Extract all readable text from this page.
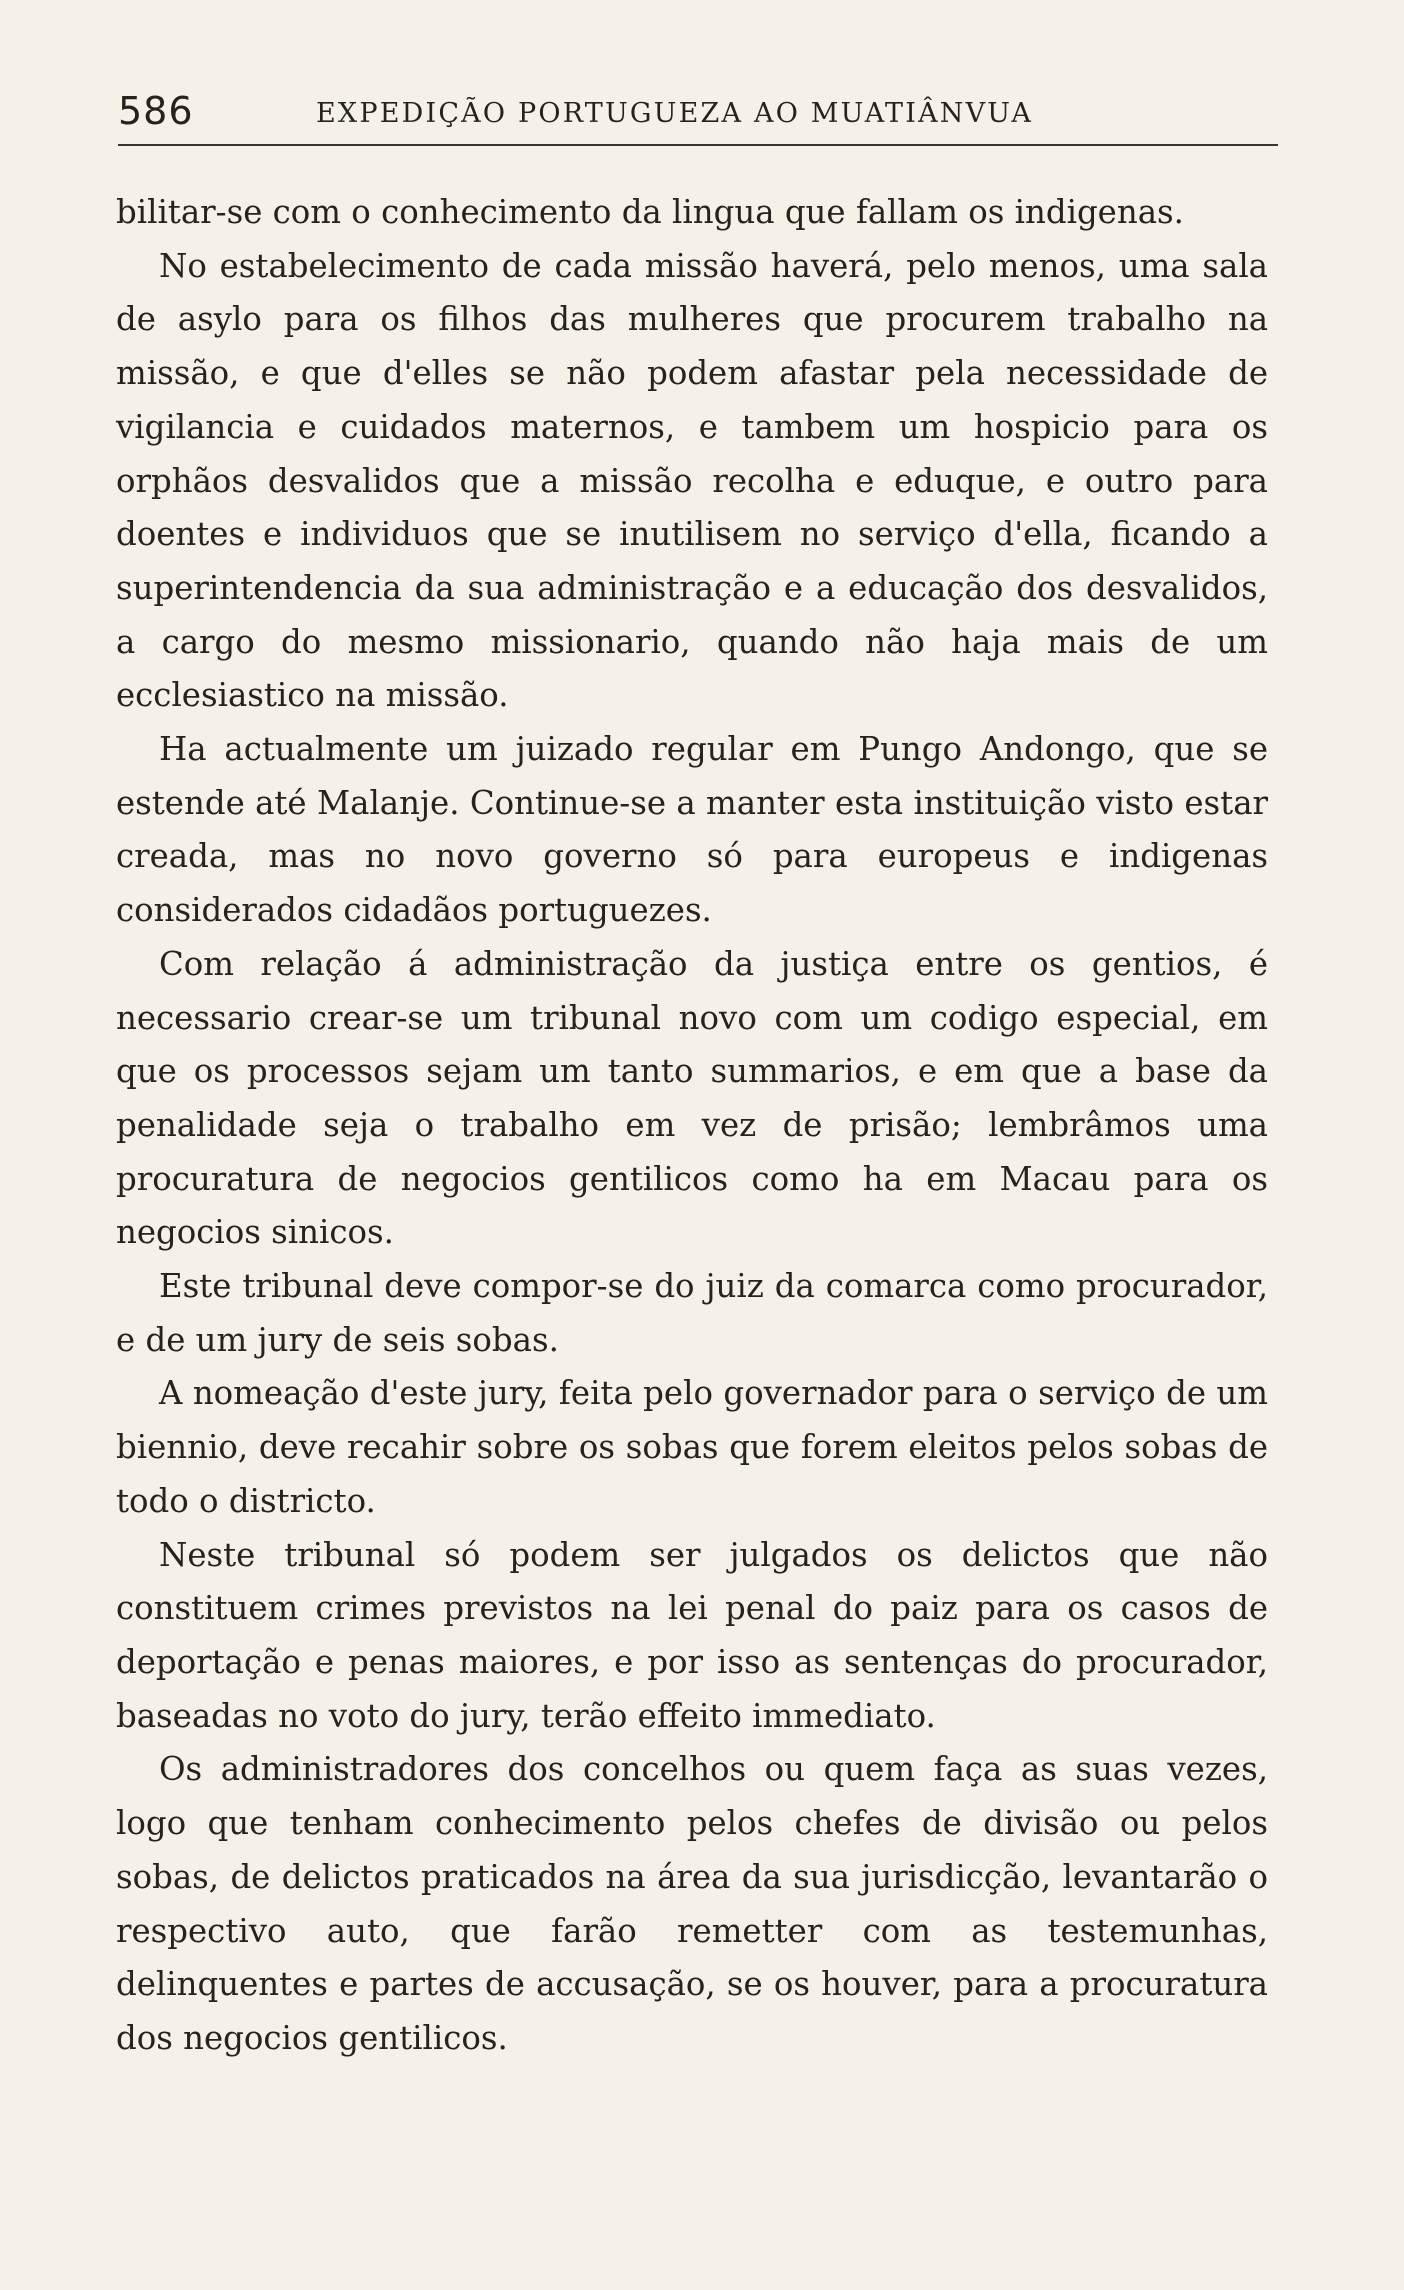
586	EXPEDIÇÃO PORTUGUEZA AO MUATIÂNVUA

bilitar-se com o conhecimento da lingua que fallam os indigenas.

No estabelecimento de cada missão haverá, pelo menos, uma sala de asylo para os filhos das mulheres que procurem trabalho na missão, e que d'elles se não podem afastar pela necessidade de vigilancia e cuidados maternos, e tambem um hospicio para os orphãos desvalidos que a missão recolha e eduque, e outro para doentes e individuos que se inutilisem no serviço d'ella, ficando a superintendencia da sua administração e a educação dos desvalidos, a cargo do mesmo missionario, quando não haja mais de um ecclesiastico na missão.

Ha actualmente um juizado regular em Pungo Andongo, que se estende até Malanje. Continue-se a manter esta instituição visto estar creada, mas no novo governo só para europeus e indigenas considerados cidadãos portuguezes.

Com relação á administração da justiça entre os gentios, é necessario crear-se um tribunal novo com um codigo especial, em que os processos sejam um tanto summarios, e em que a base da penalidade seja o trabalho em vez de prisão; lembrâmos uma procuratura de negocios gentilicos como ha em Macau para os negocios sinicos.

Este tribunal deve compor-se do juiz da comarca como procurador, e de um jury de seis sobas.

A nomeação d'este jury, feita pelo governador para o serviço de um biennio, deve recahir sobre os sobas que forem eleitos pelos sobas de todo o districto.

Neste tribunal só podem ser julgados os delictos que não constituem crimes previstos na lei penal do paiz para os casos de deportação e penas maiores, e por isso as sentenças do procurador, baseadas no voto do jury, terão effeito immediato.

Os administradores dos concelhos ou quem faça as suas vezes, logo que tenham conhecimento pelos chefes de divisão ou pelos sobas, de delictos praticados na área da sua jurisdicção, levantarão o respectivo auto, que farão remetter com as testemunhas, delinquentes e partes de accusação, se os houver, para a procuratura dos negocios gentilicos.
